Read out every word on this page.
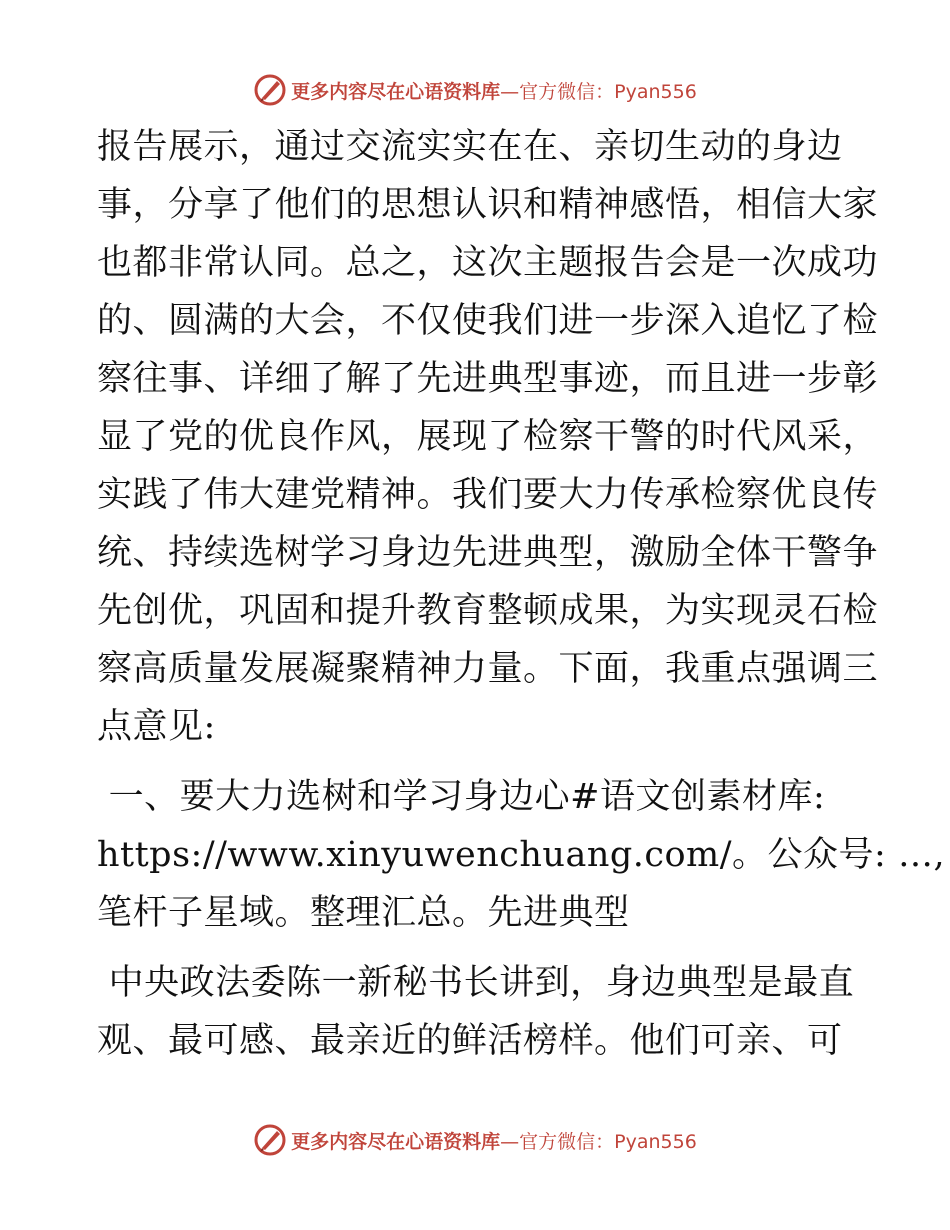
更多内容尽在心语资料库 —官方微信：Pyan556
报告展示，通过交流实实在在、亲切生动的身边
事，分享了他们的思想认识和精神感悟，相信大家
也都非常认同。总之，这次主题报告会是一次成功
的、圆满的大会，不仅使我们进一步深入追忆了检
察往事、详细了解了先进典型事迹，而且进一步彰
显了党的优良作风，展现了检察干警的时代风采，
实践了伟大建党精神。我们要大力传承检察优良传
统、持续选树学习身边先进典型，激励全体干警争
先创优，巩固和提升教育整顿成果，为实现灵石检
察高质量发展凝聚精神力量。下面，我重点强调三
点意见:
一、要大力选树和学习身边心#语文创素材库:
https://www.xinyuwenchuang.com/。公众号: …,
笔杆子星域。整理汇总。先进典型
中央政法委陈一新秘书长讲到，身边典型是最直
观、最可感、最亲近的鲜活榜样。他们可亲、可
更多内容尽在心语资料库 —官方微信：Pyan556
